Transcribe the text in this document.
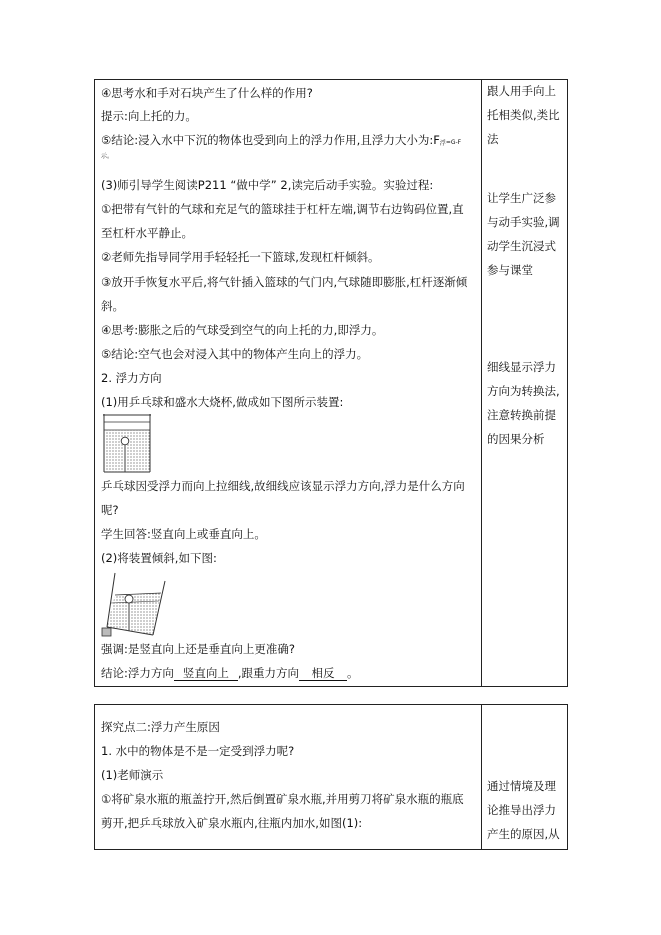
④思考水和手对石块产生了什么样的作用?
提示:向上托的力。
⑤结论:浸入水中下沉的物体也受到向上的浮力作用,且浮力大小为:F浮=G-F
示。
(3)师引导学生阅读P211 “做中学” 2,读完后动手实验。实验过程:
①把带有气针的气球和充足气的篮球挂于杠杆左端,调节右边钩码位置,直
至杠杆水平静止。
②老师先指导同学用手轻轻托一下篮球,发现杠杆倾斜。
③放开手恢复水平后,将气针插入篮球的气门内,气球随即膨胀,杠杆逐渐倾
斜。
④思考:膨胀之后的气球受到空气的向上托的力,即浮力。
⑤结论:空气也会对浸入其中的物体产生向上的浮力。
2. 浮力方向
(1)用乒乓球和盛水大烧杯,做成如下图所示装置:
乒乓球因受浮力而向上拉细线,故细线应该显示浮力方向,浮力是什么方向
呢?
学生回答:竖直向上或垂直向上。
(2)将装置倾斜,如下图:
强调:是竖直向上还是垂直向上更准确?
结论:浮力方向 竖直向上 ,跟重力方向 相反 。
跟人用手向上
托相类似,类比
法
让学生广泛参
与动手实验,调
动学生沉浸式
参与课堂
细线显示浮力
方向为转换法,
注意转换前提
的因果分析
探究点二:浮力产生原因
1. 水中的物体是不是一定受到浮力呢?
(1)老师演示
①将矿泉水瓶的瓶盖拧开,然后倒置矿泉水瓶,并用剪刀将矿泉水瓶的瓶底
剪开,把乒乓球放入矿泉水瓶内,往瓶内加水,如图(1):
通过情境及理
论推导出浮力
产生的原因,从
